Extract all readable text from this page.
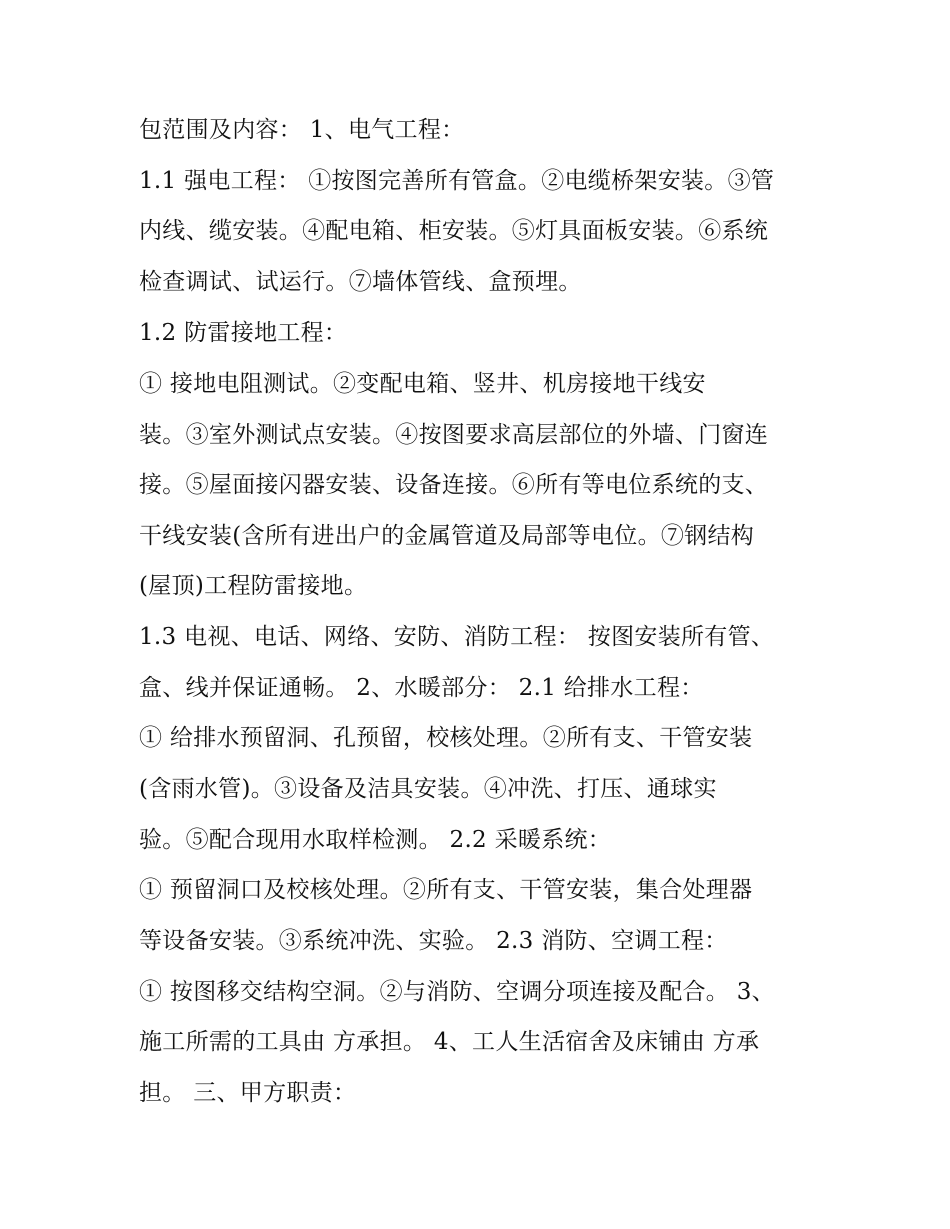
包范围及内容： 1、电气工程：
1.1 强电工程： ①按图完善所有管盒。②电缆桥架安装。③管
内线、缆安装。④配电箱、柜安装。⑤灯具面板安装。⑥系统
检查调试、试运行。⑦墙体管线、盒预埋。
1.2 防雷接地工程：
① 接地电阻测试。②变配电箱、竖井、机房接地干线安
装。③室外测试点安装。④按图要求高层部位的外墙、门窗连
接。⑤屋面接闪器安装、设备连接。⑥所有等电位系统的支、
干线安装(含所有进出户的金属管道及局部等电位。⑦钢结构
(屋顶)工程防雷接地。
1.3 电视、电话、网络、安防、消防工程： 按图安装所有管、
盒、线并保证通畅。 2、水暖部分： 2.1 给排水工程：
① 给排水预留洞、孔预留，校核处理。②所有支、干管安装
(含雨水管)。③设备及洁具安装。④冲洗、打压、通球实
验。⑤配合现用水取样检测。 2.2 采暖系统：
① 预留洞口及校核处理。②所有支、干管安装，集合处理器
等设备安装。③系统冲洗、实验。 2.3 消防、空调工程：
① 按图移交结构空洞。②与消防、空调分项连接及配合。 3、
施工所需的工具由 方承担。 4、工人生活宿舍及床铺由 方承
担。 三、甲方职责：
